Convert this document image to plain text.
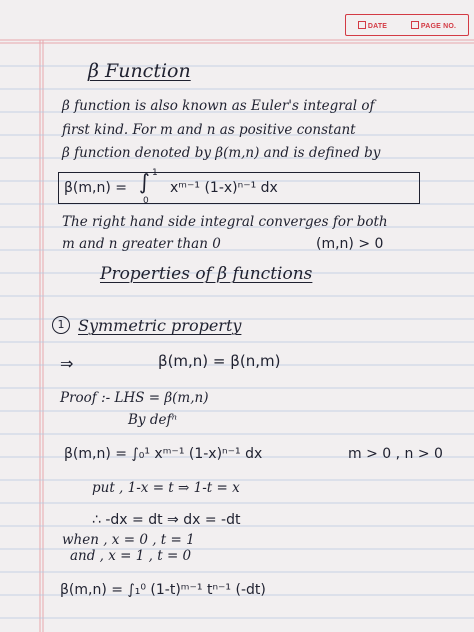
DATE	PAGE NO.
β Function
β function is also known as Euler's integral of
first kind. For m and n as positive constant
β function denoted by β(m,n) and is defined by
β(m,n) = ∫ 1
0
xᵐ⁻¹ (1-x)ⁿ⁻¹ dx
The right hand side integral converges for both
m and n greater than 0	(m,n) > 0
Properties of β functions
1 Symmetric property
⇒	β(m,n) = β(n,m)
Proof :- LHS = β(m,n)
By defⁿ
β(m,n) = ∫₀¹ xᵐ⁻¹ (1-x)ⁿ⁻¹ dx	m > 0 , n > 0
put , 1-x = t ⇒ 1-t = x
∴ -dx = dt ⇒ dx = -dt
when , x = 0 , t = 1
and , x = 1 , t = 0
β(m,n) = ∫₁⁰ (1-t)ᵐ⁻¹ tⁿ⁻¹ (-dt)
